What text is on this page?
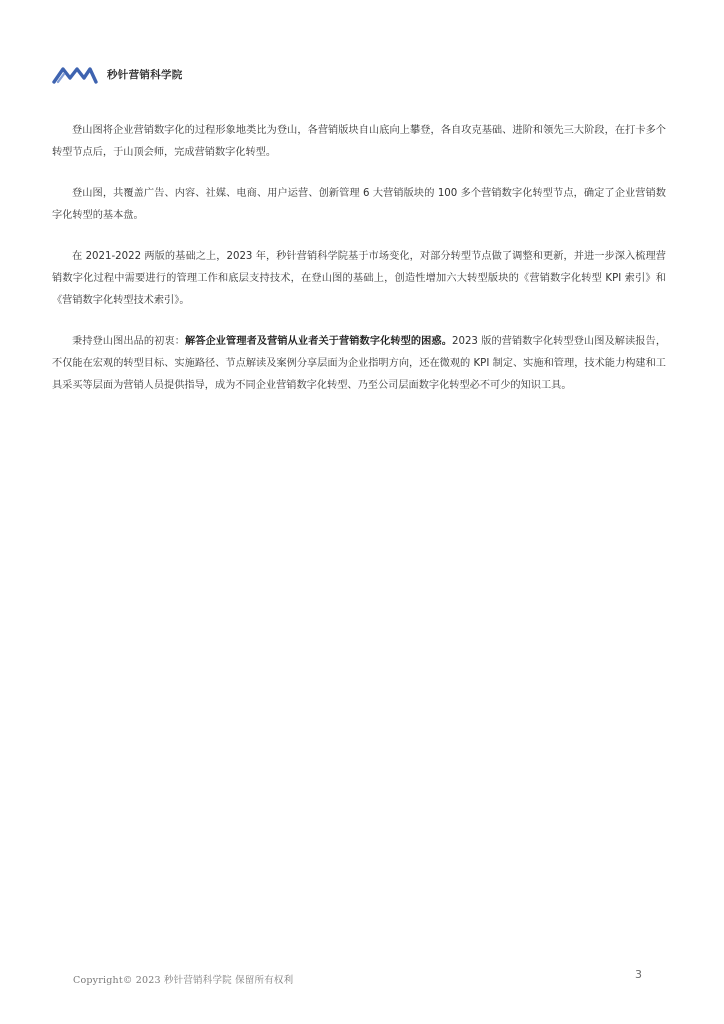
秒针营销科学院

登山图将企业营销数字化的过程形象地类比为登山，各营销版块自山底向上攀登，各自攻克基础、进阶和领先三大阶段，在打卡多个转型节点后，于山顶会师，完成营销数字化转型。

登山图，共覆盖广告、内容、社媒、电商、用户运营、创新管理 6 大营销版块的 100 多个营销数字化转型节点，确定了企业营销数字化转型的基本盘。

在 2021-2022 两版的基础之上，2023 年，秒针营销科学院基于市场变化，对部分转型节点做了调整和更新，并进一步深入梳理营销数字化过程中需要进行的管理工作和底层支持技术，在登山图的基础上，创造性增加六大转型版块的《营销数字化转型 KPI 索引》和《营销数字化转型技术索引》。

秉持登山图出品的初衷：解答企业管理者及营销从业者关于营销数字化转型的困惑。2023 版的营销数字化转型登山图及解读报告，不仅能在宏观的转型目标、实施路径、节点解读及案例分享层面为企业指明方向，还在微观的 KPI 制定、实施和管理，技术能力构建和工具采买等层面为营销人员提供指导，成为不同企业营销数字化转型、乃至公司层面数字化转型必不可少的知识工具。

Copyright© 2023 秒针营销科学院 保留所有权利	3
